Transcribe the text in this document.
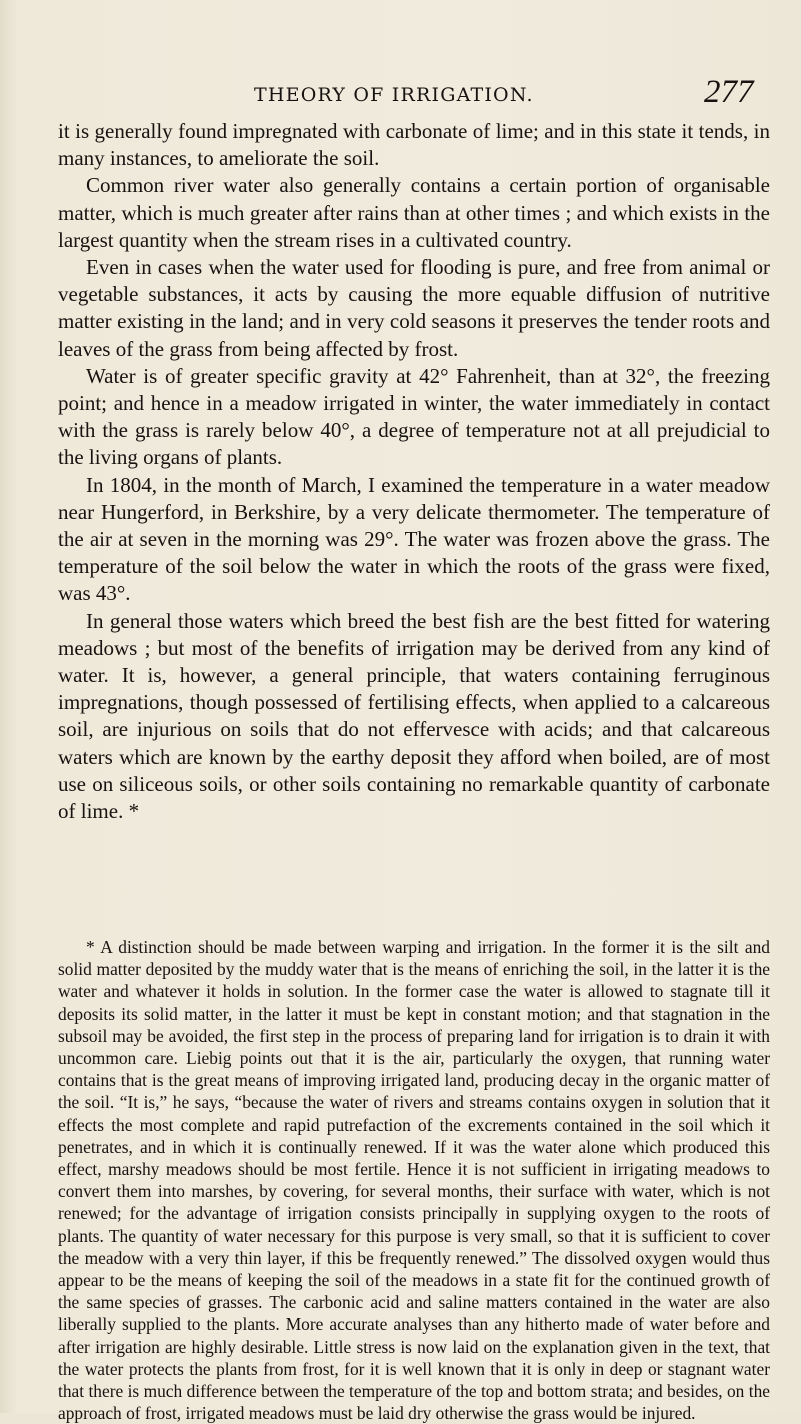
THEORY OF IRRIGATION.	277

it is generally found impregnated with carbonate of lime; and in this state it tends, in many instances, to ameliorate the soil.

Common river water also generally contains a certain portion of organisable matter, which is much greater after rains than at other times ; and which exists in the largest quantity when the stream rises in a cultivated country.

Even in cases when the water used for flooding is pure, and free from animal or vegetable substances, it acts by causing the more equable diffusion of nutritive matter existing in the land; and in very cold seasons it preserves the tender roots and leaves of the grass from being affected by frost.

Water is of greater specific gravity at 42° Fahrenheit, than at 32°, the freezing point; and hence in a meadow irrigated in winter, the water immediately in contact with the grass is rarely below 40°, a degree of temperature not at all prejudicial to the living organs of plants.

In 1804, in the month of March, I examined the temperature in a water meadow near Hungerford, in Berkshire, by a very delicate thermometer. The temperature of the air at seven in the morning was 29°. The water was frozen above the grass. The temperature of the soil below the water in which the roots of the grass were fixed, was 43°.

In general those waters which breed the best fish are the best fitted for watering meadows ; but most of the benefits of irrigation may be derived from any kind of water. It is, however, a general principle, that waters containing ferruginous impregnations, though possessed of fertilising effects, when applied to a calcareous soil, are injurious on soils that do not effervesce with acids; and that calcareous waters which are known by the earthy deposit they afford when boiled, are of most use on siliceous soils, or other soils containing no remarkable quantity of carbonate of lime. *

* A distinction should be made between warping and irrigation. In the former it is the silt and solid matter deposited by the muddy water that is the means of enriching the soil, in the latter it is the water and whatever it holds in solution. In the former case the water is allowed to stagnate till it deposits its solid matter, in the latter it must be kept in constant motion; and that stagnation in the subsoil may be avoided, the first step in the process of preparing land for irrigation is to drain it with uncommon care. Liebig points out that it is the air, particularly the oxygen, that running water contains that is the great means of improving irrigated land, producing decay in the organic matter of the soil. “It is,” he says, “because the water of rivers and streams contains oxygen in solution that it effects the most complete and rapid putrefaction of the excrements contained in the soil which it penetrates, and in which it is continually renewed. If it was the water alone which produced this effect, marshy meadows should be most fertile. Hence it is not sufficient in irrigating meadows to convert them into marshes, by covering, for several months, their surface with water, which is not renewed; for the advantage of irrigation consists principally in supplying oxygen to the roots of plants. The quantity of water necessary for this purpose is very small, so that it is sufficient to cover the meadow with a very thin layer, if this be frequently renewed.” The dissolved oxygen would thus appear to be the means of keeping the soil of the meadows in a state fit for the continued growth of the same species of grasses. The carbonic acid and saline matters contained in the water are also liberally supplied to the plants. More accurate analyses than any hitherto made of water before and after irrigation are highly desirable. Little stress is now laid on the explanation given in the text, that the water protects the plants from frost, for it is well known that it is only in deep or stagnant water that there is much difference between the temperature of the top and bottom strata; and besides, on the approach of frost, irrigated meadows must be laid dry otherwise the grass would be injured.
